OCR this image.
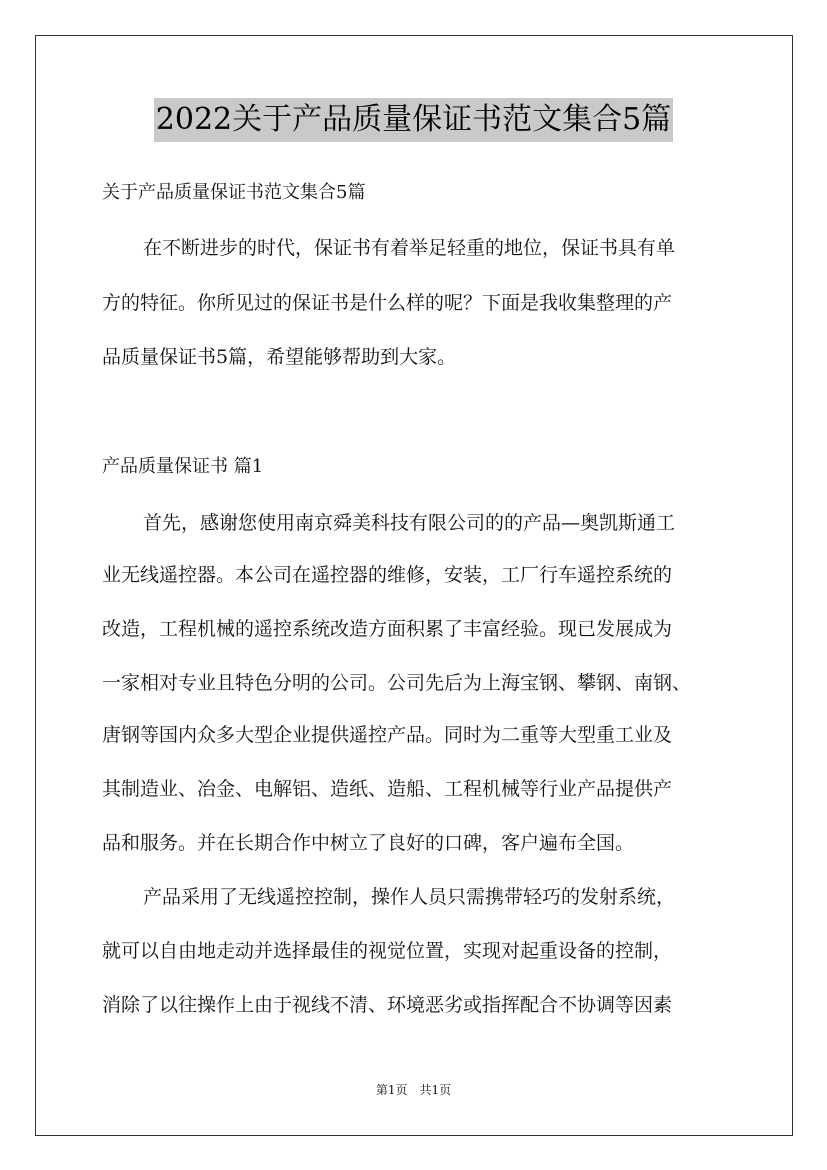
2022关于产品质量保证书范文集合5篇
关于产品质量保证书范文集合5篇
在不断进步的时代，保证书有着举足轻重的地位，保证书具有单
方的特征。你所见过的保证书是什么样的呢？下面是我收集整理的产
品质量保证书5篇，希望能够帮助到大家。
产品质量保证书 篇1
首先，感谢您使用南京舜美科技有限公司的的产品—奥凯斯通工
业无线遥控器。本公司在遥控器的维修，安装，工厂行车遥控系统的
改造，工程机械的遥控系统改造方面积累了丰富经验。现已发展成为
一家相对专业且特色分明的公司。公司先后为上海宝钢、攀钢、南钢、
唐钢等国内众多大型企业提供遥控产品。同时为二重等大型重工业及
其制造业、冶金、电解铝、造纸、造船、工程机械等行业产品提供产
品和服务。并在长期合作中树立了良好的口碑，客户遍布全国。
产品采用了无线遥控控制，操作人员只需携带轻巧的发射系统，
就可以自由地走动并选择最佳的视觉位置，实现对起重设备的控制，
消除了以往操作上由于视线不清、环境恶劣或指挥配合不协调等因素
第1页　共1页
